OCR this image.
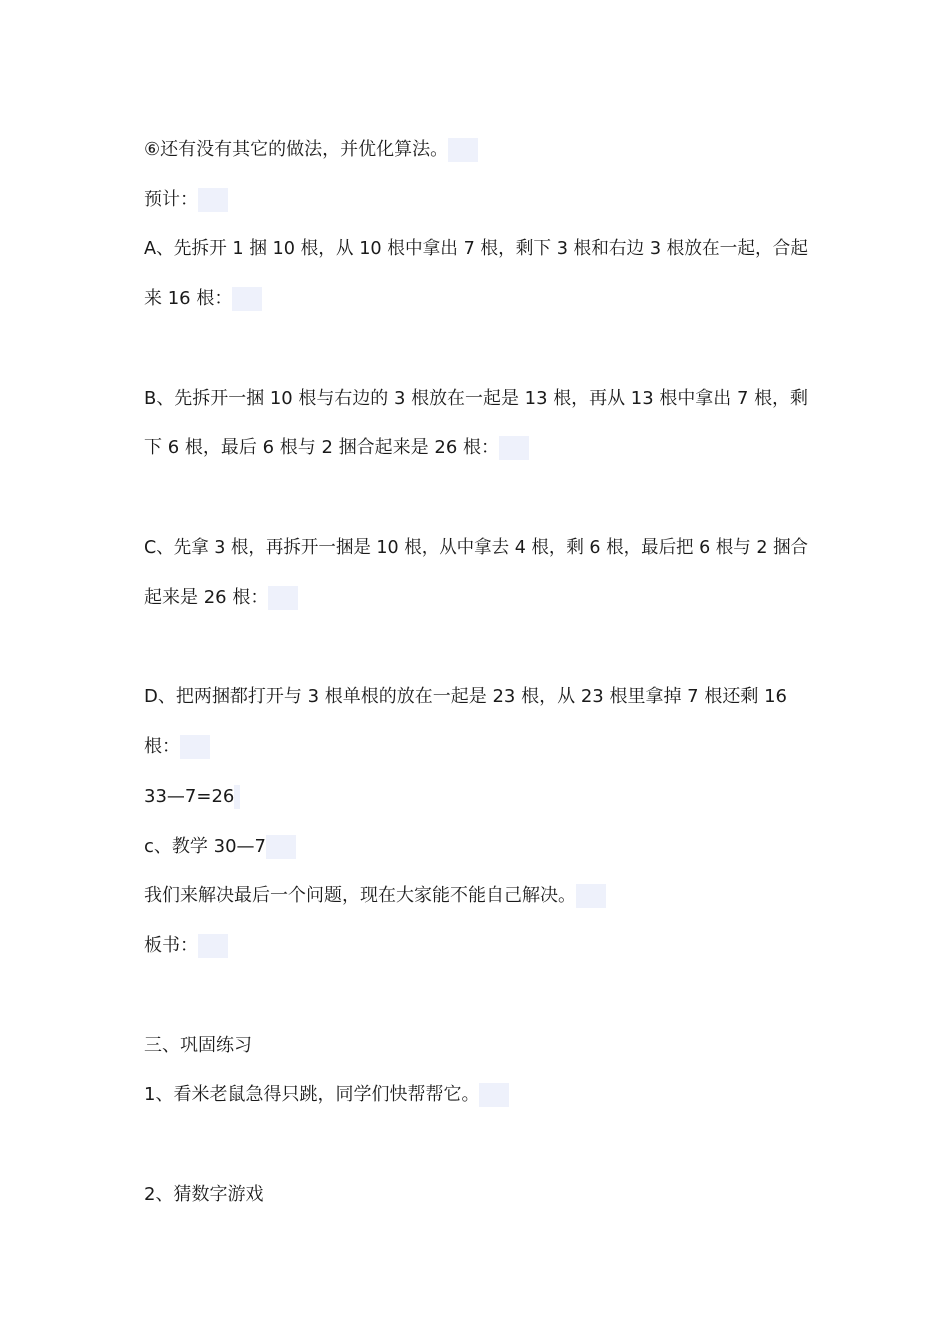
⑥还有没有其它的做法，并优化算法。

预计：

A、先拆开 1 捆 10 根，从 10 根中拿出 7 根，剩下 3 根和右边 3 根放在一起，合起

来 16 根：

B、先拆开一捆 10 根与右边的 3 根放在一起是 13 根，再从 13 根中拿出 7 根，剩

下 6 根，最后 6 根与 2 捆合起来是 26 根：

C、先拿 3 根，再拆开一捆是 10 根，从中拿去 4 根，剩 6 根，最后把 6 根与 2 捆合

起来是 26 根：

D、把两捆都打开与 3 根单根的放在一起是 23 根，从 23 根里拿掉 7 根还剩 16

根：

33—7=26

c、教学 30—7

我们来解决最后一个问题，现在大家能不能自己解决。

板书：

三、巩固练习

1、看米老鼠急得只跳，同学们快帮帮它。

2、猜数字游戏
